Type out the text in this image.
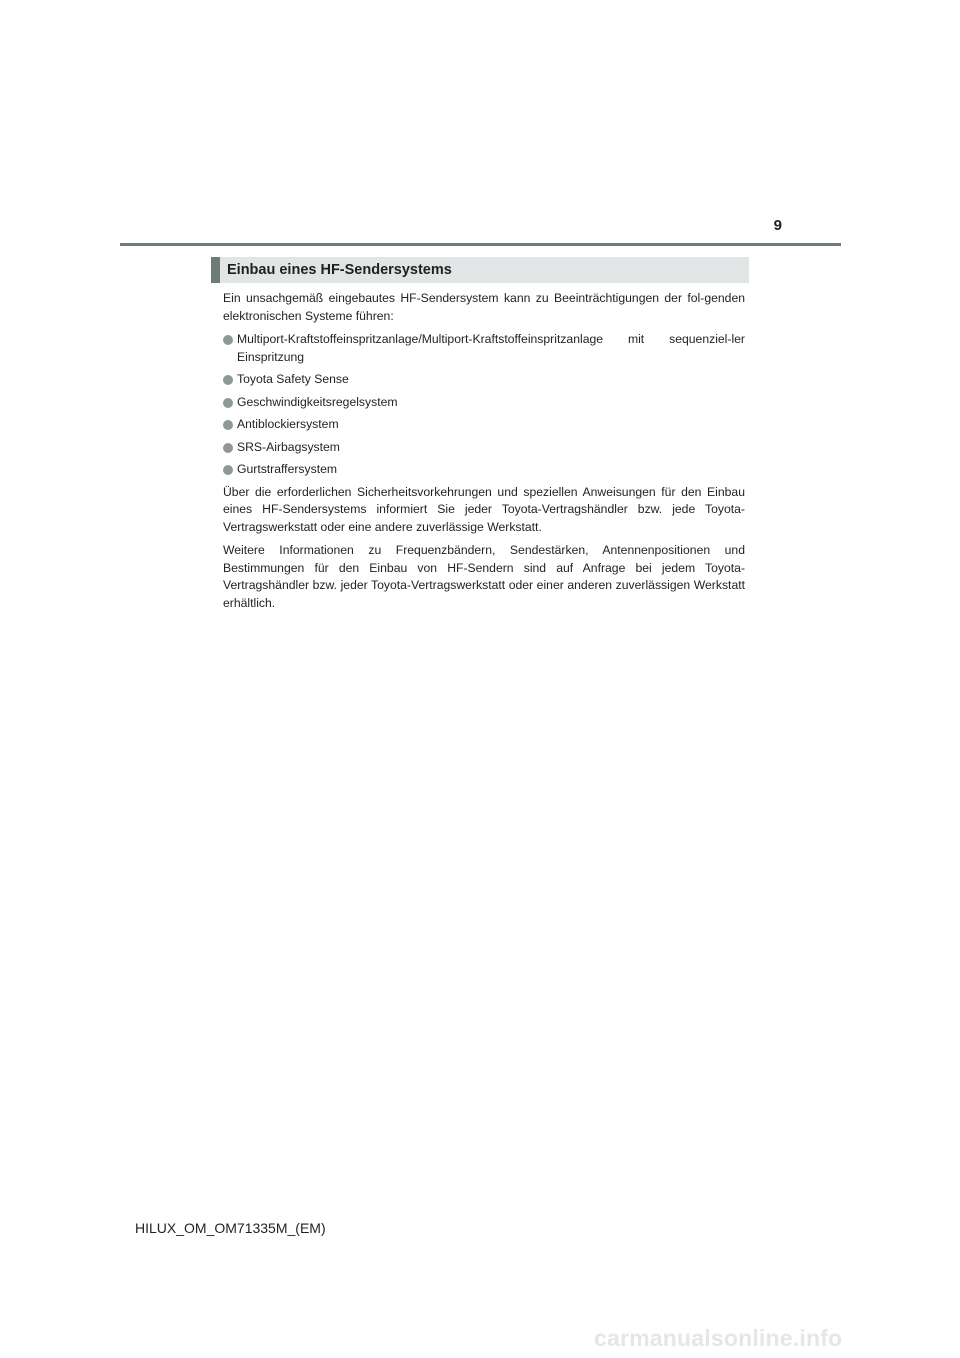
9
Einbau eines HF-Sendersystems

Ein unsachgemäß eingebautes HF-Sendersystem kann zu Beeinträchtigungen der fol-genden elektronischen Systeme führen:

Multiport-Kraftstoffeinspritzanlage/Multiport-Kraftstoffeinspritzanlage mit sequenziel-ler Einspritzung
Toyota Safety Sense
Geschwindigkeitsregelsystem
Antiblockiersystem
SRS-Airbagsystem
Gurtstraffersystem

Über die erforderlichen Sicherheitsvorkehrungen und speziellen Anweisungen für den Einbau eines HF-Sendersystems informiert Sie jeder Toyota-Vertragshändler bzw. jede Toyota-Vertragswerkstatt oder eine andere zuverlässige Werkstatt.

Weitere Informationen zu Frequenzbändern, Sendestärken, Antennenpositionen und Bestimmungen für den Einbau von HF-Sendern sind auf Anfrage bei jedem Toyota-Vertragshändler bzw. jeder Toyota-Vertragswerkstatt oder einer anderen zuverlässigen Werkstatt erhältlich.

HILUX_OM_OM71335M_(EM)
carmanualsonline.info
